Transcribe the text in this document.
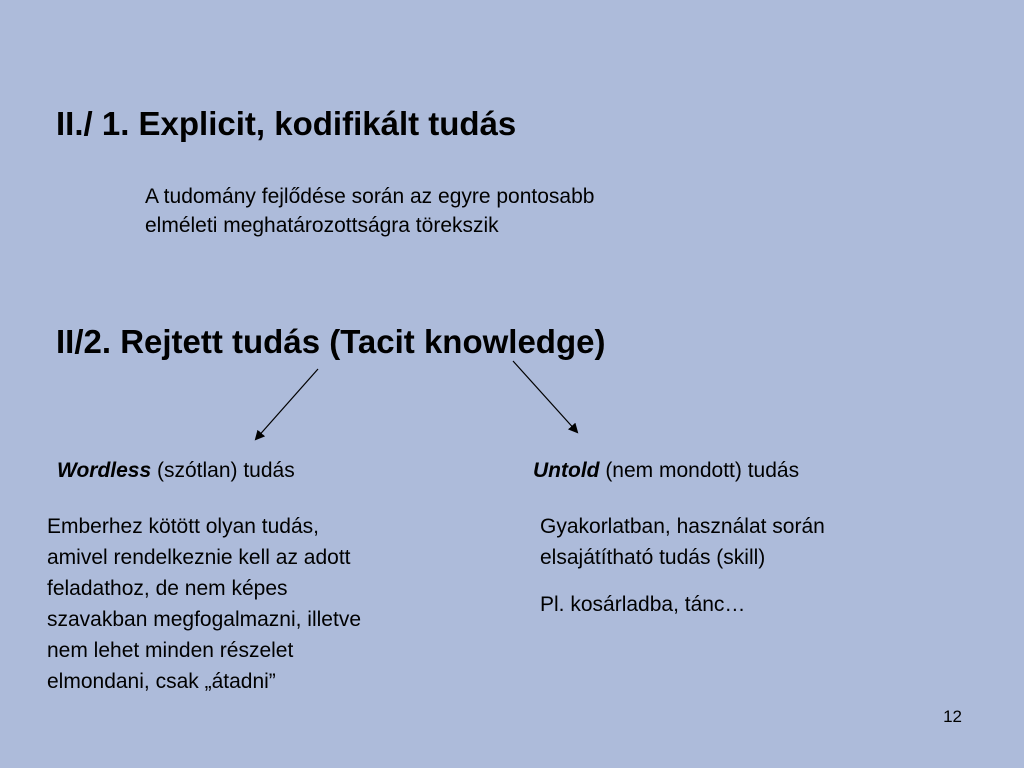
II./ 1. Explicit, kodifikált tudás
A tudomány fejlődése során az egyre pontosabb
elméleti meghatározottságra törekszik
II/2. Rejtett tudás (Tacit knowledge)
Wordless (szótlan) tudás	Untold (nem mondott) tudás
Emberhez kötött olyan tudás,
amivel rendelkeznie kell az adott
feladathoz, de nem képes
szavakban megfogalmazni, illetve
nem lehet minden részelet
elmondani, csak „átadni”
Gyakorlatban, használat során
elsajátítható tudás (skill)
Pl. kosárladba, tánc…
12
